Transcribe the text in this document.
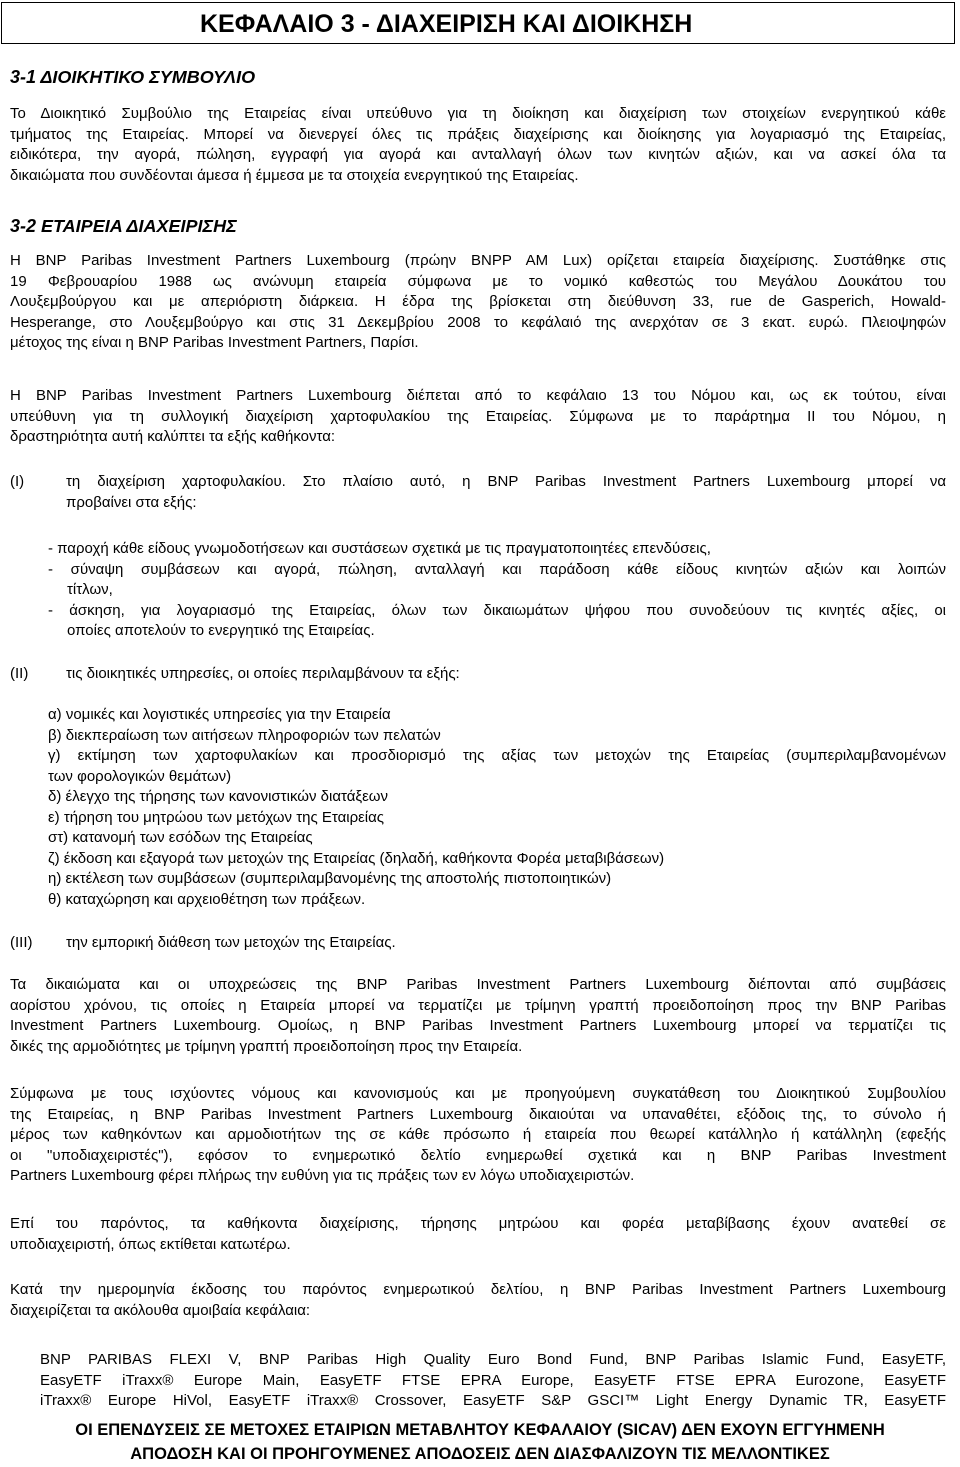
ΚΕΦΑΛΑΙΟ 3 - ΔΙΑΧΕΙΡΙΣΗ ΚΑΙ ΔΙΟΙΚΗΣΗ
3-1 ΔΙΟΙΚΗΤΙΚΟ ΣΥΜΒΟΥΛΙΟ
Το Διοικητικό Συμβούλιο της Εταιρείας είναι υπεύθυνο για τη διοίκηση και διαχείριση των στοιχείων ενεργητικού κάθε
τμήματος της Εταιρείας. Μπορεί να διενεργεί όλες τις πράξεις διαχείρισης και διοίκησης για λογαριασμό της Εταιρείας,
ειδικότερα, την αγορά, πώληση, εγγραφή για αγορά και ανταλλαγή όλων των κινητών αξιών, και να ασκεί όλα τα
δικαιώματα που συνδέονται άμεσα ή έμμεσα με τα στοιχεία ενεργητικού της Εταιρείας.
3-2 ΕΤΑΙΡΕΙΑ ΔΙΑΧΕΙΡΙΣΗΣ
Η BNP Paribas Investment Partners Luxembourg (πρώην BNPP AM Lux) ορίζεται εταιρεία διαχείρισης. Συστάθηκε στις
19 Φεβρουαρίου 1988 ως ανώνυμη εταιρεία σύμφωνα με το νομικό καθεστώς του Μεγάλου Δουκάτου του
Λουξεμβούργου και με απεριόριστη διάρκεια. Η έδρα της βρίσκεται στη διεύθυνση 33, rue de Gasperich, Howald-
Hesperange, στο Λουξεμβούργο και στις 31 Δεκεμβρίου 2008 το κεφάλαιό της ανερχόταν σε 3 εκατ. ευρώ. Πλειοψηφών
μέτοχος της είναι η BNP Paribas Investment Partners, Παρίσι.
Η BNP Paribas Investment Partners Luxembourg διέπεται από το κεφάλαιο 13 του Νόμου και, ως εκ τούτου, είναι
υπεύθυνη για τη συλλογική διαχείριση χαρτοφυλακίου της Εταιρείας. Σύμφωνα με το παράρτημα II του Νόμου, η
δραστηριότητα αυτή καλύπτει τα εξής καθήκοντα:
(I)	τη διαχείριση χαρτοφυλακίου. Στο πλαίσιο αυτό, η BNP Paribas Investment Partners Luxembourg μπορεί να
προβαίνει στα εξής:
- παροχή κάθε είδους γνωμοδοτήσεων και συστάσεων σχετικά με τις πραγματοποιητέες επενδύσεις,
- σύναψη συμβάσεων και αγορά, πώληση, ανταλλαγή και παράδοση κάθε είδους κινητών αξιών και λοιπών
τίτλων,
- άσκηση, για λογαριασμό της Εταιρείας, όλων των δικαιωμάτων ψήφου που συνοδεύουν τις κινητές αξίες, οι
οποίες αποτελούν το ενεργητικό της Εταιρείας.
(II)	τις διοικητικές υπηρεσίες, οι οποίες περιλαμβάνουν τα εξής:
α) νομικές και λογιστικές υπηρεσίες για την Εταιρεία
β) διεκπεραίωση των αιτήσεων πληροφοριών των πελατών
γ) εκτίμηση των χαρτοφυλακίων και προσδιορισμό της αξίας των μετοχών της Εταιρείας (συμπεριλαμβανομένων
των φορολογικών θεμάτων)
δ) έλεγχο της τήρησης των κανονιστικών διατάξεων
ε) τήρηση του μητρώου των μετόχων της Εταιρείας
στ) κατανομή των εσόδων της Εταιρείας
ζ) έκδοση και εξαγορά των μετοχών της Εταιρείας (δηλαδή, καθήκοντα Φορέα μεταβιβάσεων)
η) εκτέλεση των συμβάσεων (συμπεριλαμβανομένης της αποστολής πιστοποιητικών)
θ) καταχώρηση και αρχειοθέτηση των πράξεων.
(III) την εμπορική διάθεση των μετοχών της Εταιρείας.
Τα δικαιώματα και οι υποχρεώσεις της BNP Paribas Investment Partners Luxembourg διέπονται από συμβάσεις
αορίστου χρόνου, τις οποίες η Εταιρεία μπορεί να τερματίζει με τρίμηνη γραπτή προειδοποίηση προς την BNP Paribas
Investment Partners Luxembourg. Ομοίως, η BNP Paribas Investment Partners Luxembourg μπορεί να τερματίζει τις
δικές της αρμοδιότητες με τρίμηνη γραπτή προειδοποίηση προς την Εταιρεία.
Σύμφωνα με τους ισχύοντες νόμους και κανονισμούς και με προηγούμενη συγκατάθεση του Διοικητικού Συμβουλίου
της Εταιρείας, η BNP Paribas Investment Partners Luxembourg δικαιούται να υπαναθέτει, εξόδοις της, το σύνολο ή
μέρος των καθηκόντων και αρμοδιοτήτων της σε κάθε πρόσωπο ή εταιρεία που θεωρεί κατάλληλο ή κατάλληλη (εφεξής
οι "υποδιαχειριστές"), εφόσον το ενημερωτικό δελτίο ενημερωθεί σχετικά και η BNP Paribas Investment
Partners Luxembourg φέρει πλήρως την ευθύνη για τις πράξεις των εν λόγω υποδιαχειριστών.
Επί του παρόντος, τα καθήκοντα διαχείρισης, τήρησης μητρώου και φορέα μεταβίβασης έχουν ανατεθεί σε
υποδιαχειριστή, όπως εκτίθεται κατωτέρω.
Κατά την ημερομηνία έκδοσης του παρόντος ενημερωτικού δελτίου, η BNP Paribas Investment Partners Luxembourg
διαχειρίζεται τα ακόλουθα αμοιβαία κεφάλαια:
BNP PARIBAS FLEXI V, BNP Paribas High Quality Euro Bond Fund, BNP Paribas Islamic Fund, EasyETF,
EasyETF iTraxx® Europe Main, EasyETF FTSE EPRA Europe, EasyETF FTSE EPRA Eurozone, EasyETF
iTraxx® Europe HiVol, EasyETF iTraxx® Crossover, EasyETF S&P GSCI™ Light Energy Dynamic TR, EasyETF
ΟΙ ΕΠΕΝΔΥΣΕΙΣ ΣΕ ΜΕΤΟΧΕΣ ΕΤΑΙΡΙΩΝ ΜΕΤΑΒΛΗΤΟΥ ΚΕΦΑΛΑΙΟΥ (SICAV) ΔΕΝ ΕΧΟΥΝ ΕΓΓΥΗΜΕΝΗ
ΑΠΟΔΟΣΗ ΚΑΙ ΟΙ ΠΡΟΗΓΟΥΜΕΝΕΣ ΑΠΟΔΟΣΕΙΣ ΔΕΝ ΔΙΑΣΦΑΛΙΖΟΥΝ ΤΙΣ ΜΕΛΛΟΝΤΙΚΕΣ
